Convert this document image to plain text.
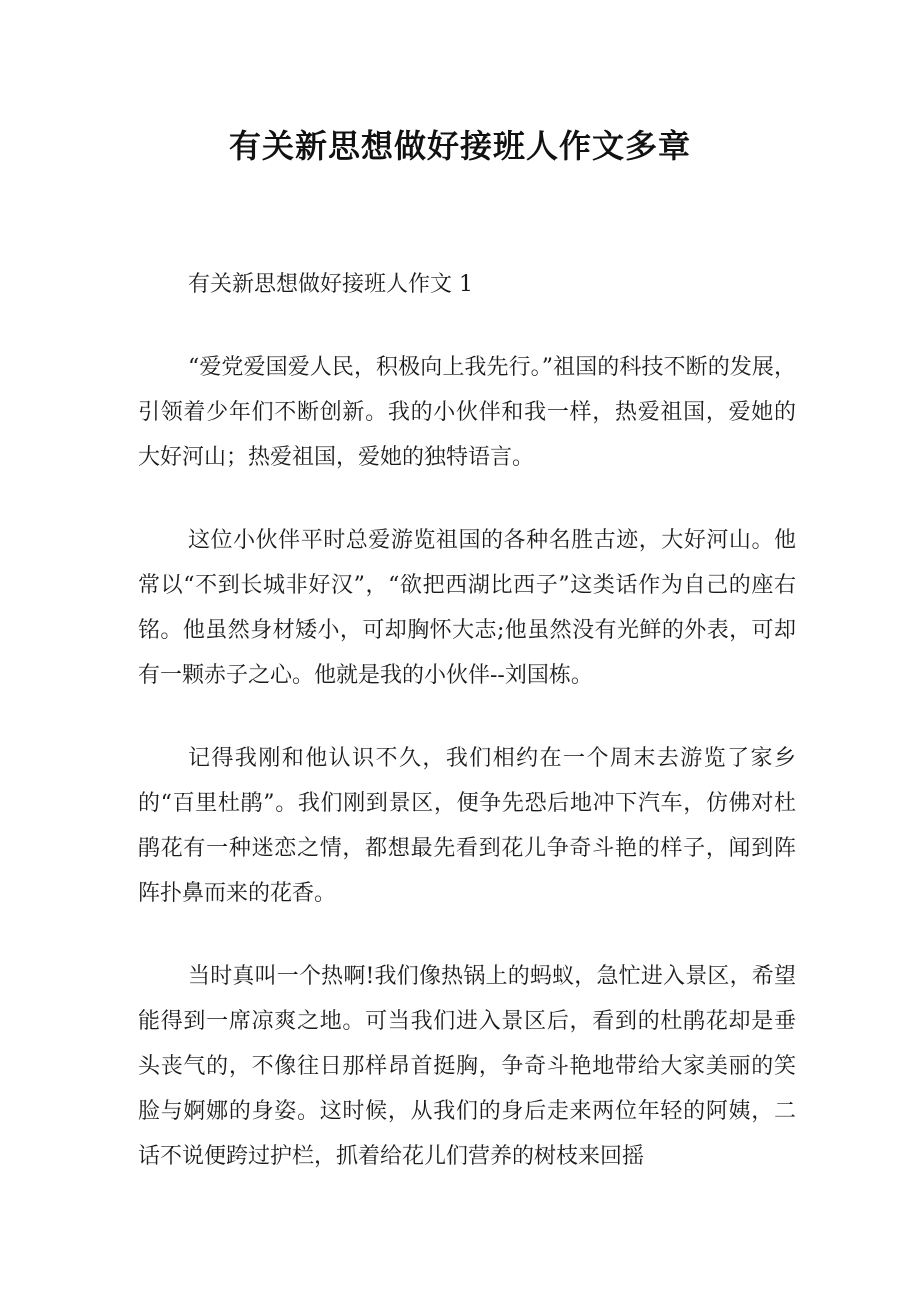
有关新思想做好接班人作文多章
有关新思想做好接班人作文 1

“爱党爱国爱人民，积极向上我先行。”祖国的科技不断的发展，引领着少年们不断创新。我的小伙伴和我一样，热爱祖国，爱她的大好河山；热爱祖国，爱她的独特语言。

这位小伙伴平时总爱游览祖国的各种名胜古迹，大好河山。他常以“不到长城非好汉”，“欲把西湖比西子”这类话作为自己的座右铭。他虽然身材矮小，可却胸怀大志;他虽然没有光鲜的外表，可却有一颗赤子之心。他就是我的小伙伴--刘国栋。

记得我刚和他认识不久，我们相约在一个周末去游览了家乡的“百里杜鹃”。我们刚到景区，便争先恐后地冲下汽车，仿佛对杜鹃花有一种迷恋之情，都想最先看到花儿争奇斗艳的样子，闻到阵阵扑鼻而来的花香。

当时真叫一个热啊!我们像热锅上的蚂蚁，急忙进入景区，希望能得到一席凉爽之地。可当我们进入景区后，看到的杜鹃花却是垂头丧气的，不像往日那样昂首挺胸，争奇斗艳地带给大家美丽的笑脸与婀娜的身姿。这时候，从我们的身后走来两位年轻的阿姨，二话不说便跨过护栏，抓着给花儿们营养的树枝来回摇
